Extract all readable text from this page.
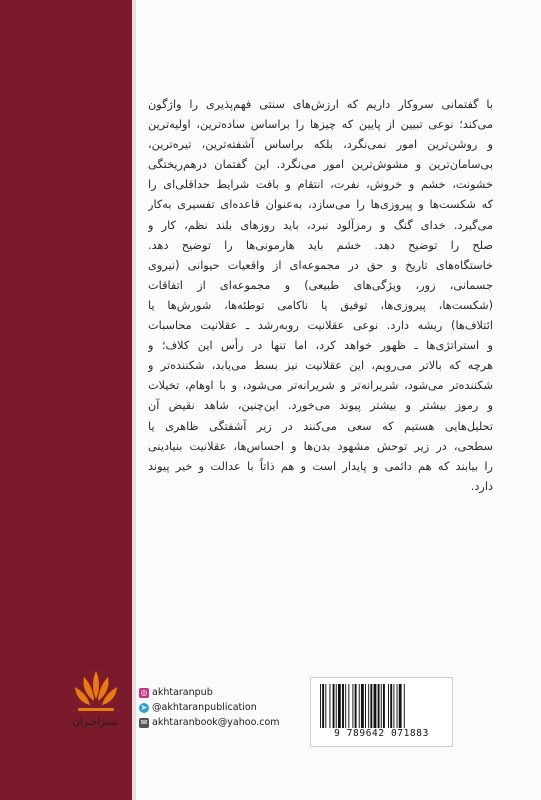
با گفتمانی سروکار داریم که ارزش‌های سنتی فهم‌پذیری را واژگون
می‌کند؛ نوعی تبیین از پایین که چیزها را براساس ساده‌ترین، اولیه‌ترین
و روشن‌ترین امور نمی‌نگرد، بلکه براساس آشفته‌ترین، تیره‌ترین،
بی‌سامان‌ترین و مشوش‌ترین امور می‌نگرد. این گفتمان درهم‌ریختگی
خشونت، خشم و خروش، نفرت، انتقام و بافت شرایط حداقلی‌ای را
که شکست‌ها و پیروزی‌ها را می‌سازد، به‌عنوان قاعده‌ای تفسیری به‌کار
می‌گیرد. خدای گنگ و رمزآلود نبرد، باید روزهای بلند نظم، کار و
صلح را توضیح دهد. خشم باید هارمونی‌ها را توضیح دهد.
خاستگاه‌های تاریخ و حق در مجموعه‌ای از واقعیات حیوانی (نیروی
جسمانی، زور، ویژگی‌های طبیعی) و مجموعه‌ای از اتفاقات
(شکست‌ها، پیروزی‌ها، توفیق یا ناکامی توطئه‌ها، شورش‌ها یا
ائتلاف‌ها) ریشه دارد. نوعی عقلانیت روبه‌رشد ـ عقلانیت محاسبات
و استراتژی‌ها ـ ظهور خواهد کرد، اما تنها در رأس این کلاف؛ و
هرچه که بالاتر می‌رویم، این عقلانیت نیز بسط می‌یابد، شکننده‌تر و
شکننده‌تر می‌شود، شریرانه‌تر و شریرانه‌تر می‌شود، و با اوهام، تخیلات
و رموز بیشتر و بیشتر پیوند می‌خورد. این‌چنین، شاهد نقیض آن
تحلیل‌هایی هستیم که سعی می‌کنند در زیر آشفتگی ظاهری یا
سطحی، در زیر توحش مشهود بدن‌ها و احساس‌ها، عقلانیت بنیادینی
را بیابند که هم دائمی و پایدار است و هم ذاتاً با عدالت و خیر پیوند
دارد.
نشراختران
◎ akhtaranpub
➤ @akhtaranpublication
✉ akhtaranbook@yahoo.com
9 789642 071883
